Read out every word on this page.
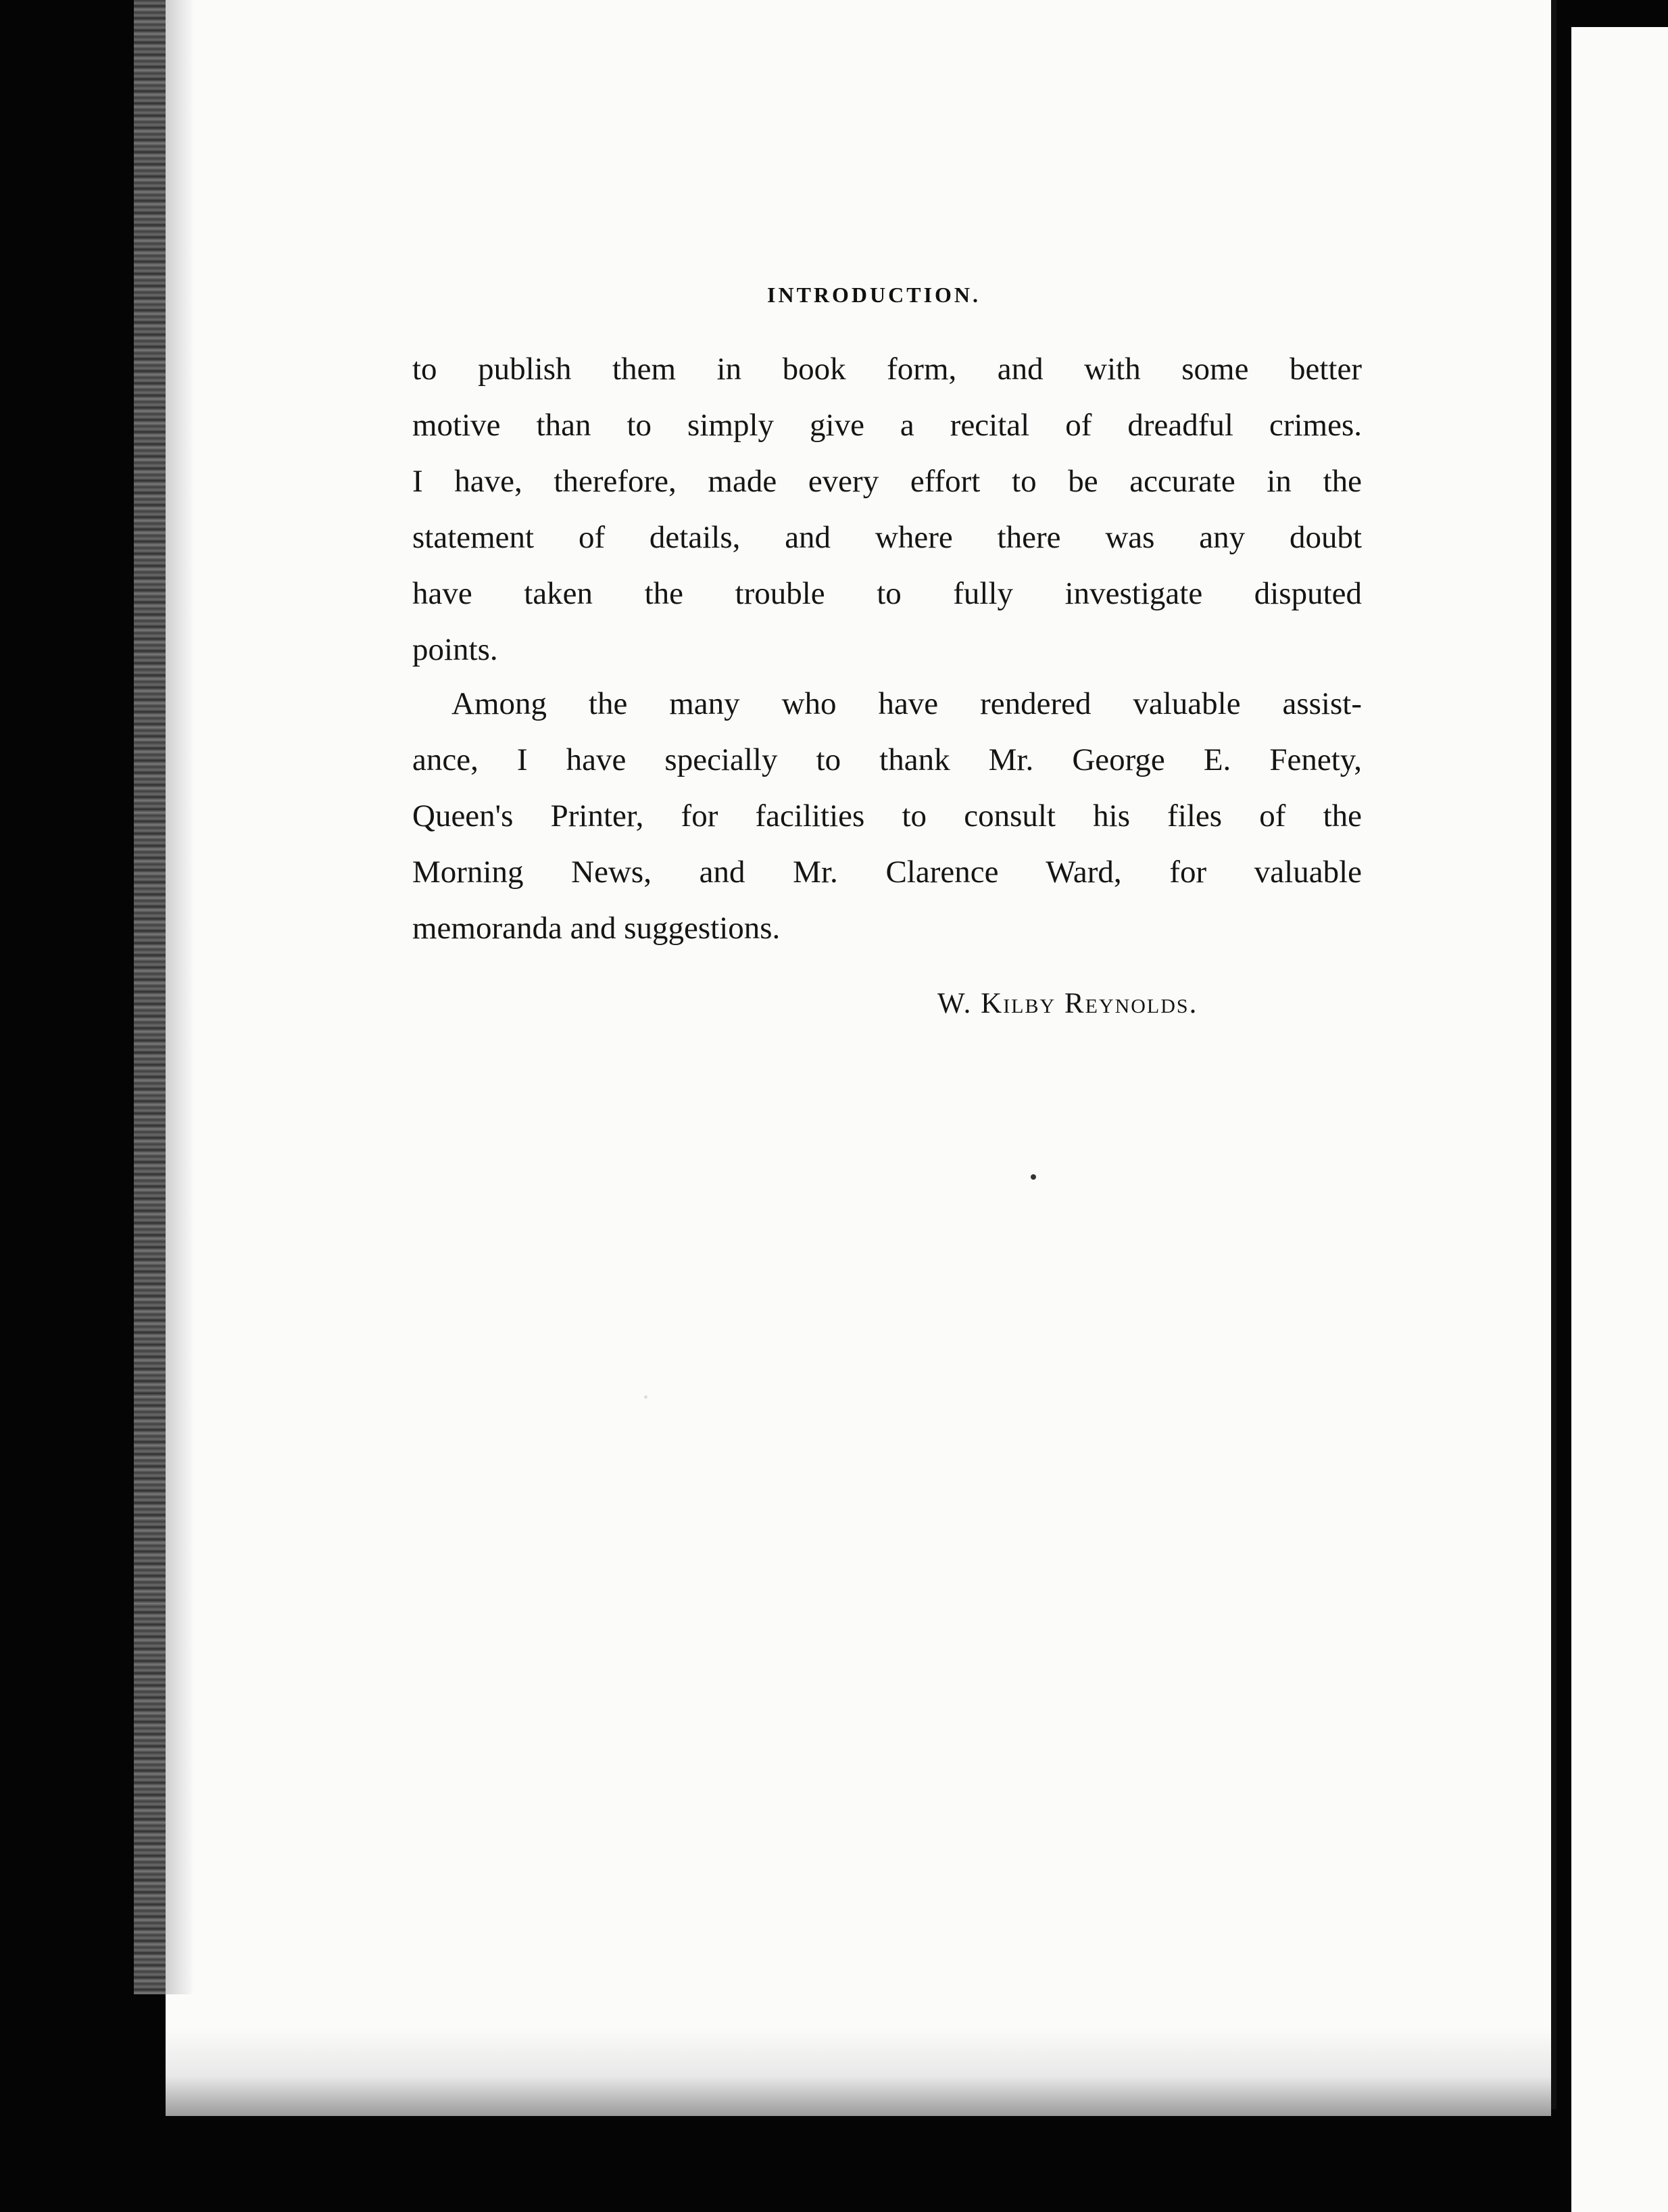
INTRODUCTION.
to publish them in book form, and with some better
motive than to simply give a recital of dreadful crimes.
I have, therefore, made every effort to be accurate in the
statement of details, and where there was any doubt
have taken the trouble to fully investigate disputed
points.
Among the many who have rendered valuable assist-
ance, I have specially to thank Mr. George E. Fenety,
Queen's Printer, for facilities to consult his files of the
Morning News, and Mr. Clarence Ward, for valuable
memoranda and suggestions.
W. Kilby Reynolds.
